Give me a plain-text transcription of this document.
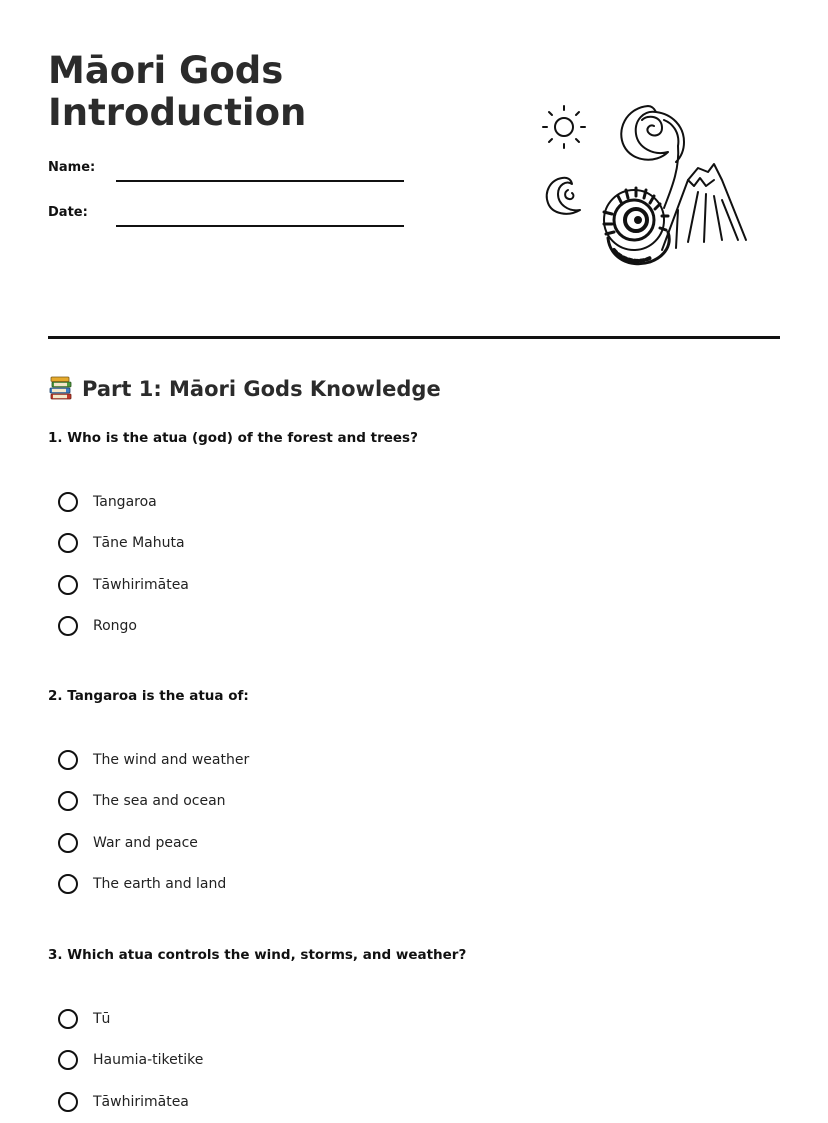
Māori Gods Introduction
Name:
Date:
Part 1: Māori Gods Knowledge

1. Who is the atua (god) of the forest and trees?

Tangaroa
Tāne Mahuta
Tāwhirimātea
Rongo

2. Tangaroa is the atua of:

The wind and weather
The sea and ocean
War and peace
The earth and land

3. Which atua controls the wind, storms, and weather?

Tū
Haumia-tiketike
Tāwhirimātea
